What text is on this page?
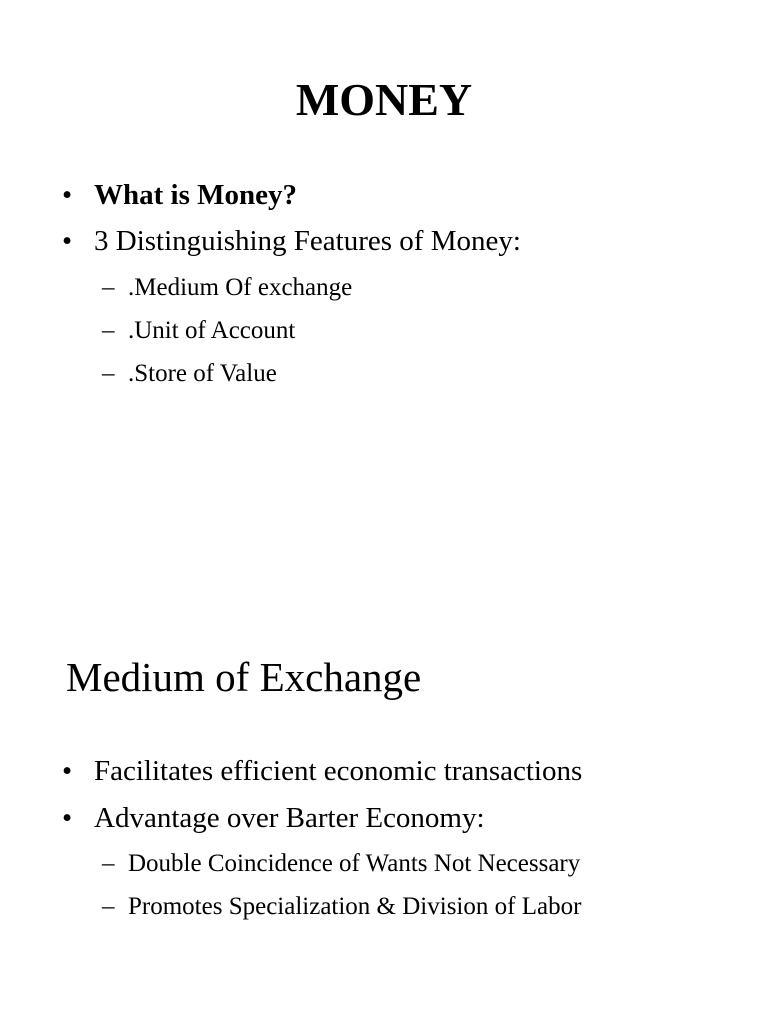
MONEY
• What is Money?
• 3 Distinguishing Features of Money:
– .Medium Of exchange
– .Unit of Account
– .Store of Value
Medium of Exchange
• Facilitates efficient economic transactions
• Advantage over Barter Economy:
– Double Coincidence of Wants Not Necessary
– Promotes Specialization & Division of Labor
